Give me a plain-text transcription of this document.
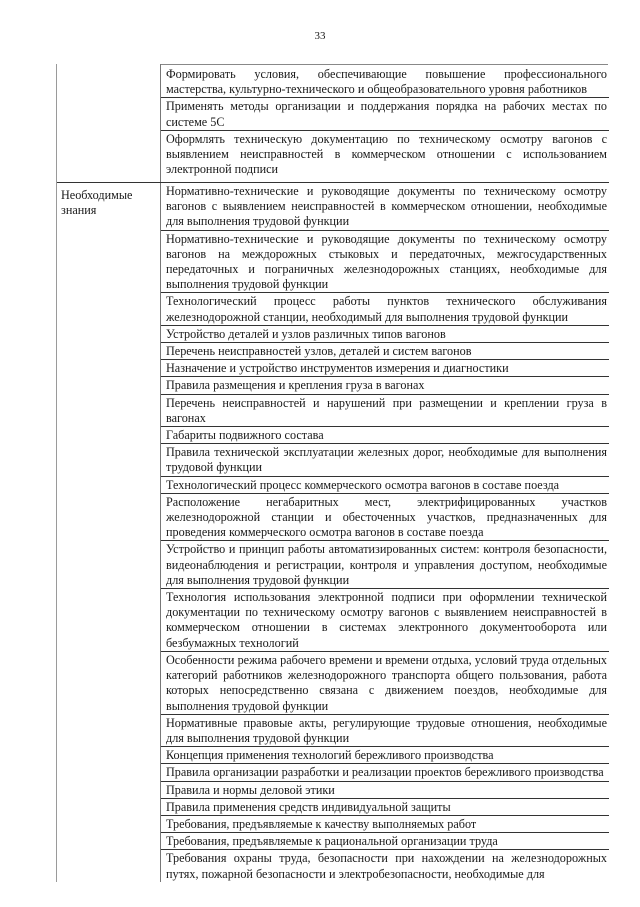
33
Формировать условия, обеспечивающие повышение профессионального мастерства, культурно-технического и общеобразовательного уровня работников
Применять методы организации и поддержания порядка на рабочих местах по системе 5С
Оформлять техническую документацию по техническому осмотру вагонов с выявлением неисправностей в коммерческом отношении с использованием электронной подписи
Необходимые знания
Нормативно-технические и руководящие документы по техническому осмотру вагонов с выявлением неисправностей в коммерческом отношении, необходимые для выполнения трудовой функции
Нормативно-технические и руководящие документы по техническому осмотру вагонов на междорожных стыковых и передаточных, межгосударственных передаточных и пограничных железнодорожных станциях, необходимые для выполнения трудовой функции
Технологический процесс работы пунктов технического обслуживания железнодорожной станции, необходимый для выполнения трудовой функции
Устройство деталей и узлов различных типов вагонов
Перечень неисправностей узлов, деталей и систем вагонов
Назначение и устройство инструментов измерения и диагностики
Правила размещения и крепления груза в вагонах
Перечень неисправностей и нарушений при размещении и креплении груза в вагонах
Габариты подвижного состава
Правила технической эксплуатации железных дорог, необходимые для выполнения трудовой функции
Технологический процесс коммерческого осмотра вагонов в составе поезда
Расположение негабаритных мест, электрифицированных участков железнодорожной станции и обесточенных участков, предназначенных для проведения коммерческого осмотра вагонов в составе поезда
Устройство и принцип работы автоматизированных систем: контроля безопасности, видеонаблюдения и регистрации, контроля и управления доступом, необходимые для выполнения трудовой функции
Технология использования электронной подписи при оформлении технической документации по техническому осмотру вагонов с выявлением неисправностей в коммерческом отношении в системах электронного документооборота или безбумажных технологий
Особенности режима рабочего времени и времени отдыха, условий труда отдельных категорий работников железнодорожного транспорта общего пользования, работа которых непосредственно связана с движением поездов, необходимые для выполнения трудовой функции
Нормативные правовые акты, регулирующие трудовые отношения, необходимые для выполнения трудовой функции
Концепция применения технологий бережливого производства
Правила организации разработки и реализации проектов бережливого производства
Правила и нормы деловой этики
Правила применения средств индивидуальной защиты
Требования, предъявляемые к качеству выполняемых работ
Требования, предъявляемые к рациональной организации труда
Требования охраны труда, безопасности при нахождении на железнодорожных путях, пожарной безопасности и электробезопасности, необходимые для
